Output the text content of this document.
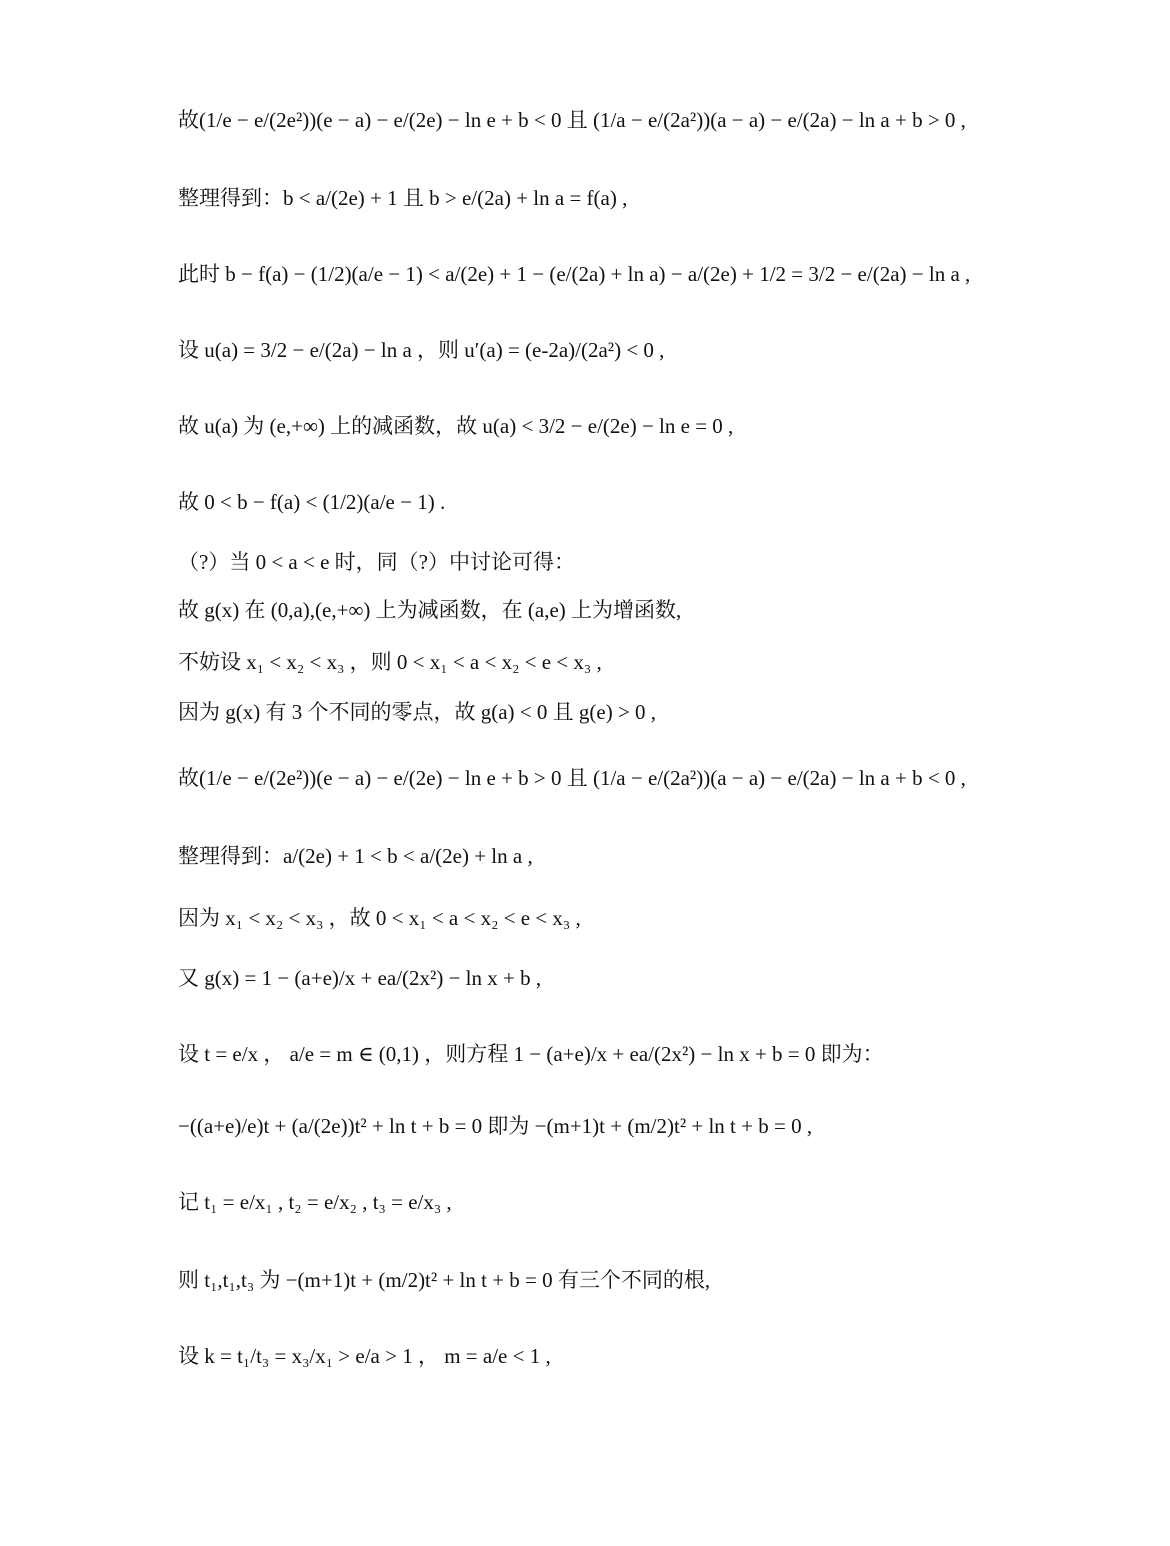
故(1/e − e/(2e²))(e − a) − e/(2e) − ln e + b < 0 且 (1/a − e/(2a²))(a − a) − e/(2a) − ln a + b > 0 ,
整理得到：b < a/(2e) + 1 且 b > e/(2a) + ln a = f(a) ,
此时 b − f(a) − (1/2)(a/e − 1) < a/(2e) + 1 − (e/(2a) + ln a) − a/(2e) + 1/2 = 3/2 − e/(2a) − ln a ,
设 u(a) = 3/2 − e/(2a) − ln a ，则 u′(a) = (e-2a)/(2a²) < 0 ,
故 u(a) 为 (e,+∞) 上的减函数，故 u(a) < 3/2 − e/(2e) − ln e = 0 ,
故 0 < b − f(a) < (1/2)(a/e − 1) .
（?）当 0 < a < e 时，同（?）中讨论可得：
故 g(x) 在 (0,a),(e,+∞) 上为减函数，在 (a,e) 上为增函数,
不妨设 x₁ < x₂ < x₃ ，则 0 < x₁ < a < x₂ < e < x₃ ,
因为 g(x) 有 3 个不同的零点，故 g(a) < 0 且 g(e) > 0 ,
故(1/e − e/(2e²))(e − a) − e/(2e) − ln e + b > 0 且 (1/a − e/(2a²))(a − a) − e/(2a) − ln a + b < 0 ,
整理得到：a/(2e) + 1 < b < a/(2e) + ln a ,
因为 x₁ < x₂ < x₃ ，故 0 < x₁ < a < x₂ < e < x₃ ,
又 g(x) = 1 − (a+e)/x + ea/(2x²) − ln x + b ,
设 t = e/x ， a/e = m ∈ (0,1) ，则方程 1 − (a+e)/x + ea/(2x²) − ln x + b = 0 即为：
−((a+e)/e)t + (a/(2e))t² + ln t + b = 0 即为 −(m+1)t + (m/2)t² + ln t + b = 0 ,
记 t₁ = e/x₁ , t₂ = e/x₂ , t₃ = e/x₃ ,
则 t₁,t₁,t₃ 为 −(m+1)t + (m/2)t² + ln t + b = 0 有三个不同的根,
设 k = t₁/t₃ = x₃/x₁ > e/a > 1 ， m = a/e < 1 ,
